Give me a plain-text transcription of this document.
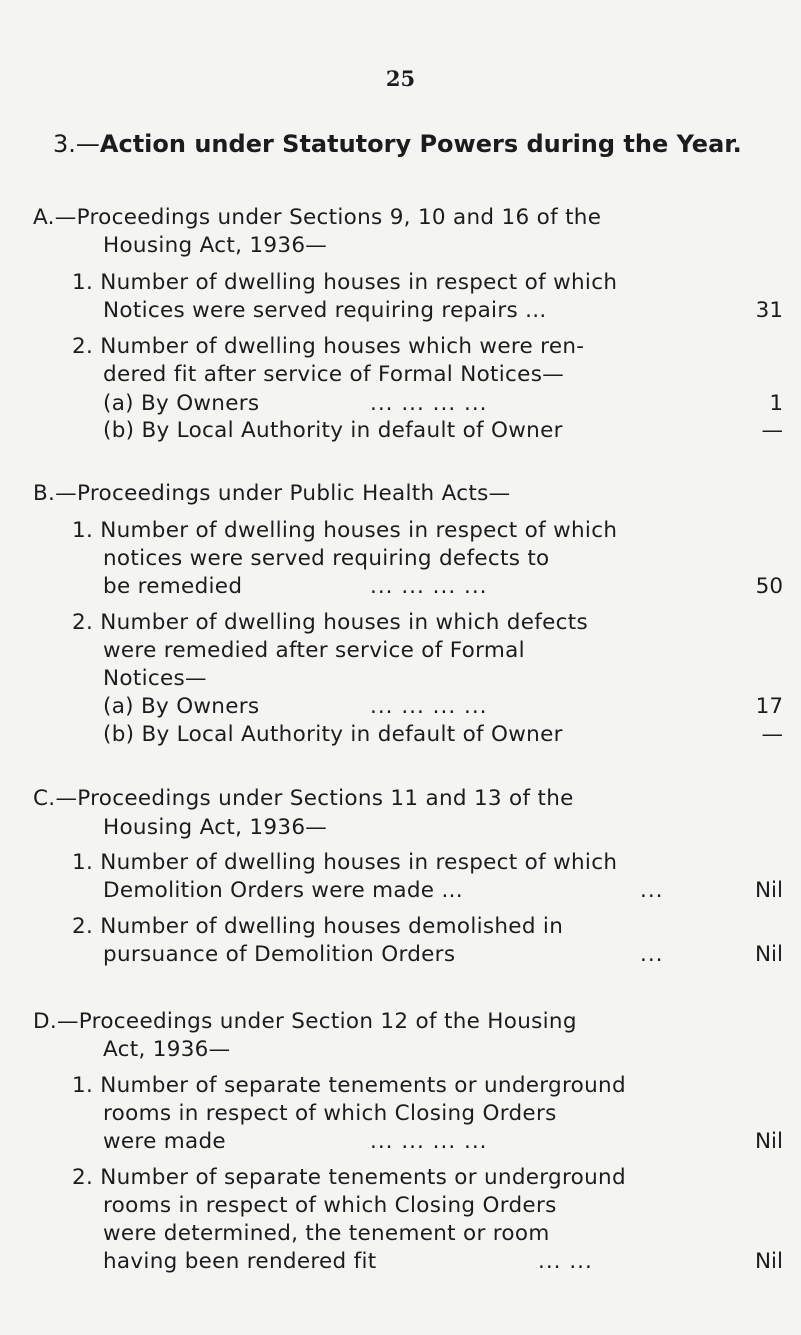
25
3.—Action under Statutory Powers during the Year.
A.—Proceedings under Sections 9, 10 and 16 of the
Housing Act, 1936—
1. Number of dwelling houses in respect of which
Notices were served requiring repairs ...	31
2. Number of dwelling houses which were ren-
dered fit after service of Formal Notices—
(a) By Owners	... ... ... ...	1
(b) By Local Authority in default of Owner	—
B.—Proceedings under Public Health Acts—
1. Number of dwelling houses in respect of which
notices were served requiring defects to
be remedied	... ... ... ...	50
2. Number of dwelling houses in which defects
were remedied after service of Formal
Notices—
(a) By Owners	... ... ... ...	17
(b) By Local Authority in default of Owner	—
C.—Proceedings under Sections 11 and 13 of the
Housing Act, 1936—
1. Number of dwelling houses in respect of which
Demolition Orders were made ...	...	Nil
2. Number of dwelling houses demolished in
pursuance of Demolition Orders	...	Nil
D.—Proceedings under Section 12 of the Housing
Act, 1936—
1. Number of separate tenements or underground
rooms in respect of which Closing Orders
were made	... ... ... ...	Nil
2. Number of separate tenements or underground
rooms in respect of which Closing Orders
were determined, the tenement or room
having been rendered fit	... ...	Nil
